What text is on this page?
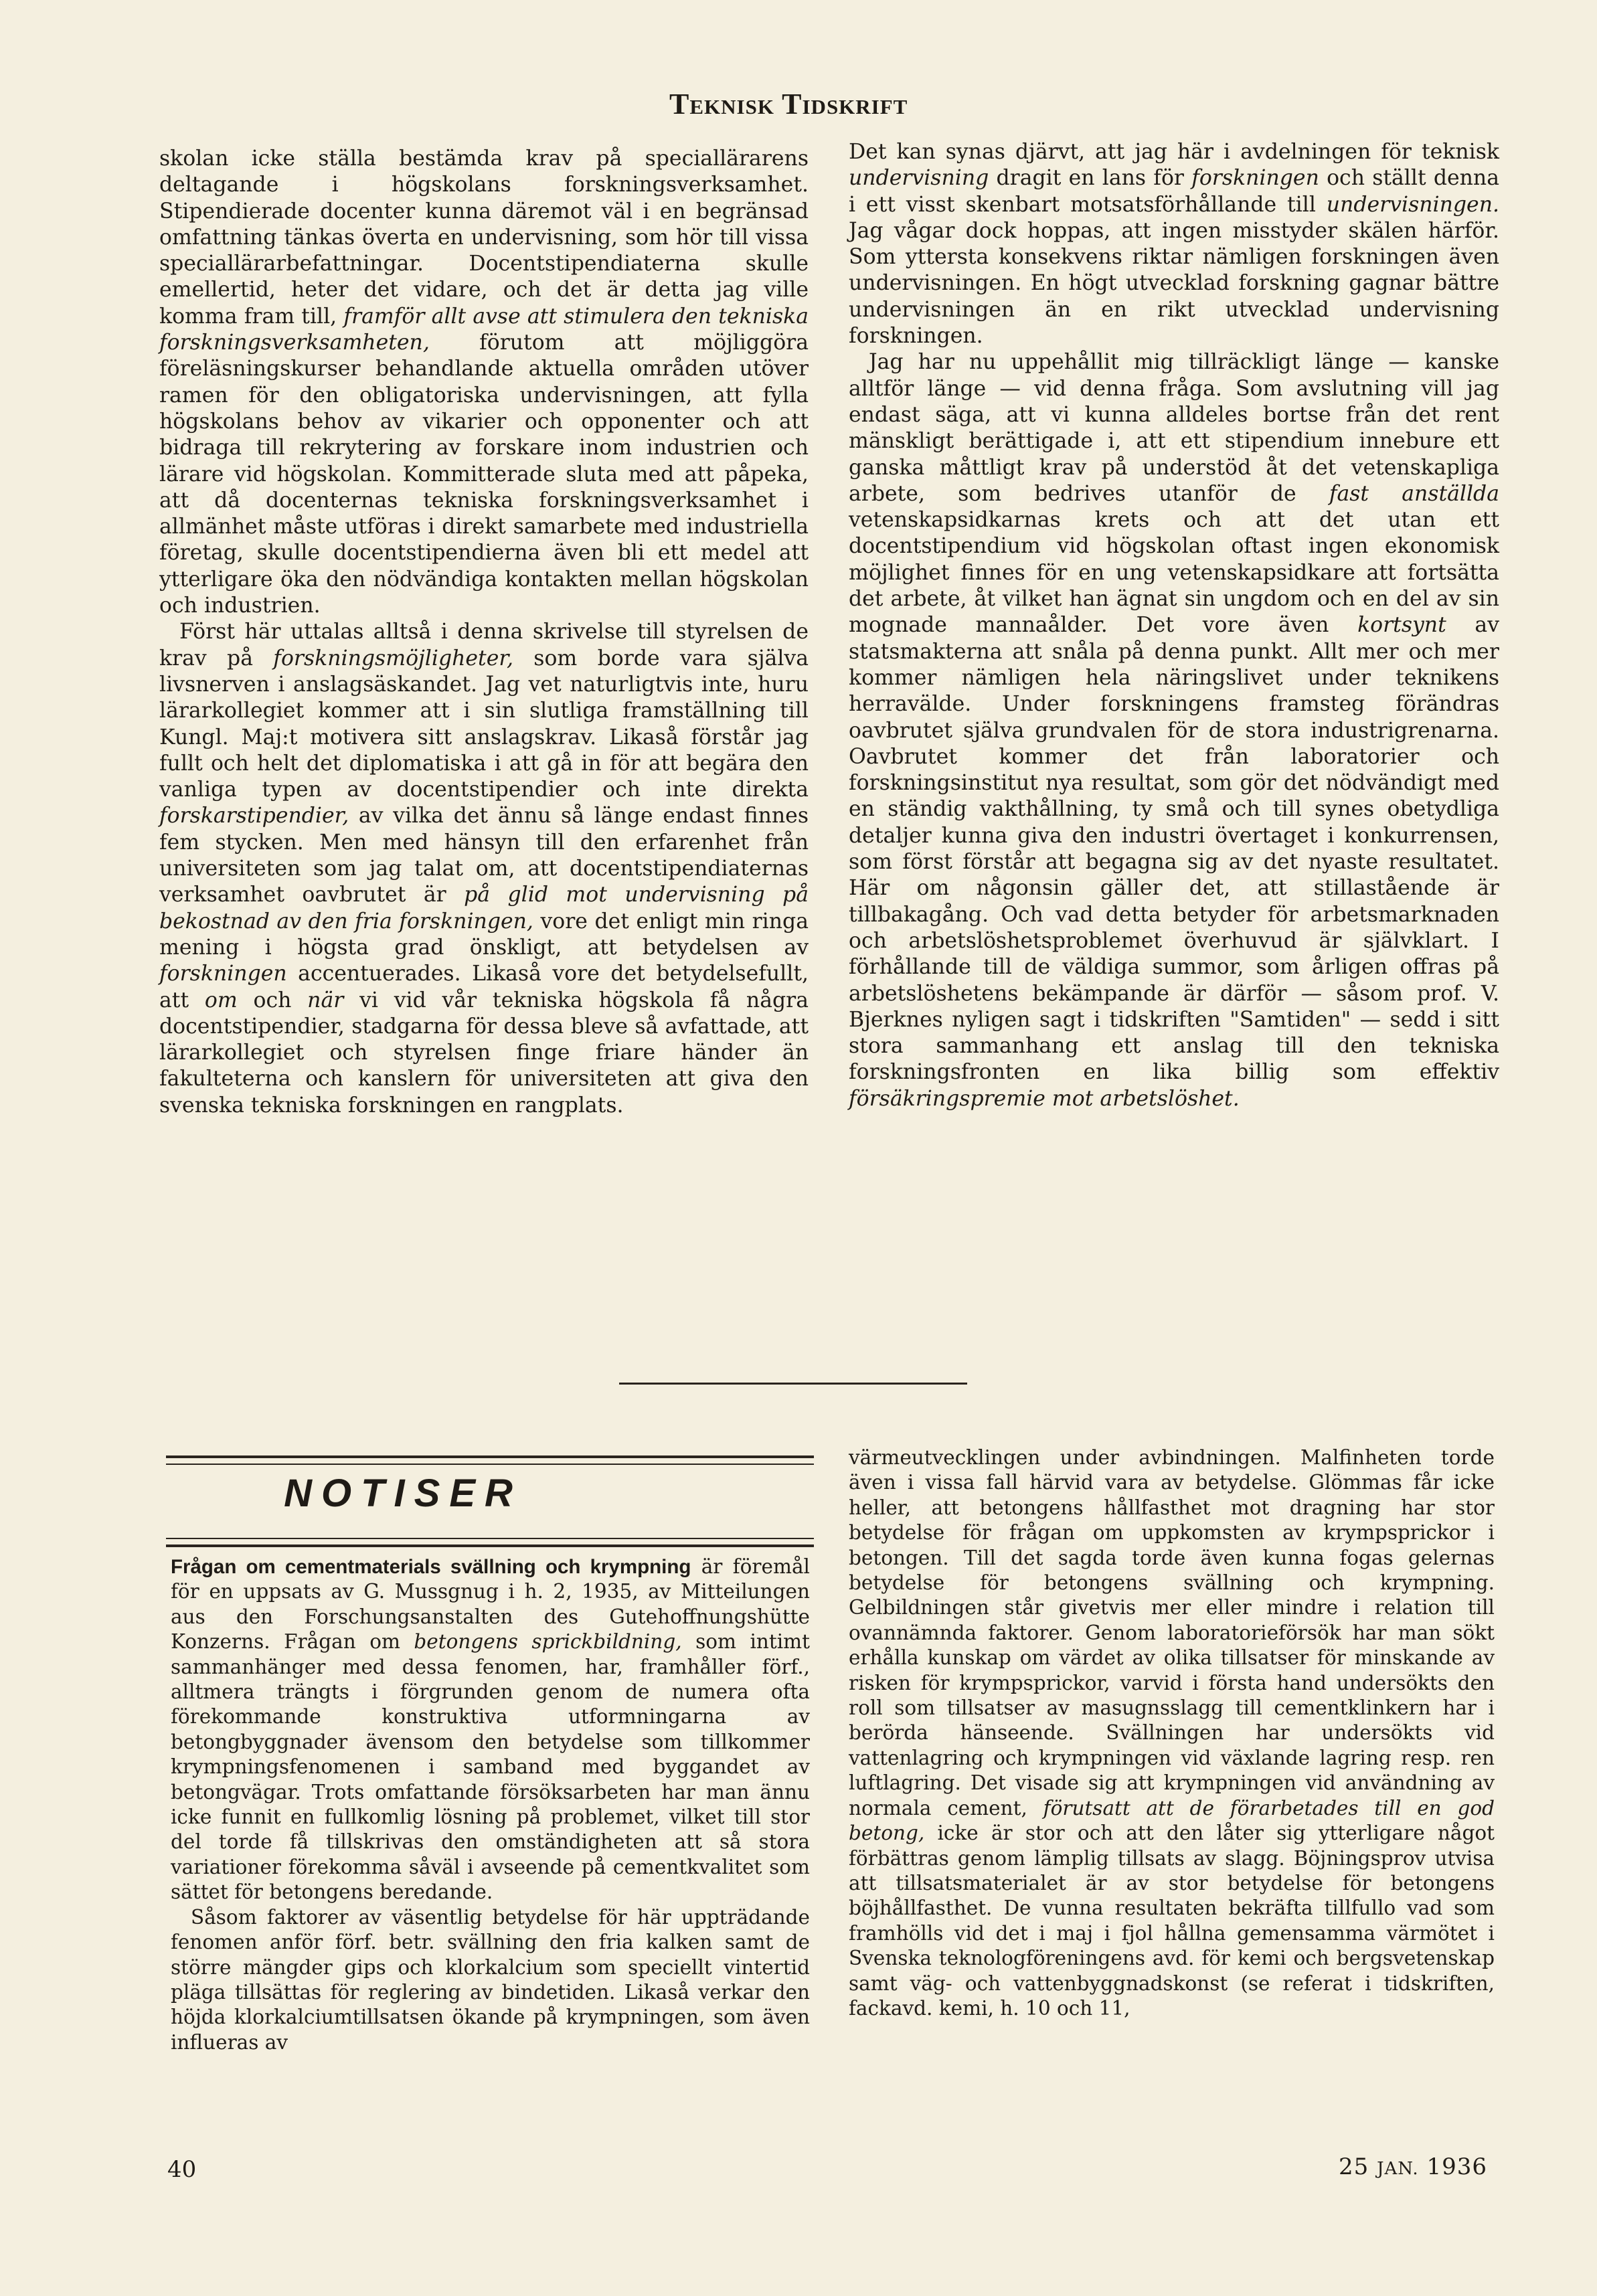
Teknisk Tidskrift

skolan icke ställa bestämda krav på speciallärarens deltagande i högskolans forskningsverksamhet. Stipendierade docenter kunna däremot väl i en begränsad omfattning tänkas överta en undervisning, som hör till vissa speciallärarbefattningar. Docentstipendiaterna skulle emellertid, heter det vidare, och det är detta jag ville komma fram till, framför allt avse att stimulera den tekniska forskningsverksamheten, förutom att möjliggöra föreläsningskurser behandlande aktuella områden utöver ramen för den obligatoriska undervisningen, att fylla högskolans behov av vikarier och opponenter och att bidraga till rekrytering av forskare inom industrien och lärare vid högskolan. Kommitterade sluta med att påpeka, att då docenternas tekniska forskningsverksamhet i allmänhet måste utföras i direkt samarbete med industriella företag, skulle docentstipendierna även bli ett medel att ytterligare öka den nödvändiga kontakten mellan högskolan och industrien.

Först här uttalas alltså i denna skrivelse till styrelsen de krav på forskningsmöjligheter, som borde vara själva livsnerven i anslagsäskandet. Jag vet naturligtvis inte, huru lärarkollegiet kommer att i sin slutliga framställning till Kungl. Maj:t motivera sitt anslagskrav. Likaså förstår jag fullt och helt det diplomatiska i att gå in för att begära den vanliga typen av docentstipendier och inte direkta forskarstipendier, av vilka det ännu så länge endast finnes fem stycken. Men med hänsyn till den erfarenhet från universiteten som jag talat om, att docentstipendiaternas verksamhet oavbrutet är på glid mot undervisning på bekostnad av den fria forskningen, vore det enligt min ringa mening i högsta grad önskligt, att betydelsen av forskningen accentuerades. Likaså vore det betydelsefullt, att om och när vi vid vår tekniska högskola få några docentstipendier, stadgarna för dessa bleve så avfattade, att lärarkollegiet och styrelsen finge friare händer än fakulteterna och kanslern för universiteten att giva den svenska tekniska forskningen en rangplats.

Det kan synas djärvt, att jag här i avdelningen för teknisk undervisning dragit en lans för forskningen och ställt denna i ett visst skenbart motsatsförhållande till undervisningen. Jag vågar dock hoppas, att ingen misstyder skälen härför. Som yttersta konsekvens riktar nämligen forskningen även undervisningen. En högt utvecklad forskning gagnar bättre undervisningen än en rikt utvecklad undervisning forskningen.

Jag har nu uppehållit mig tillräckligt länge — kanske alltför länge — vid denna fråga. Som avslutning vill jag endast säga, att vi kunna alldeles bortse från det rent mänskligt berättigade i, att ett stipendium innebure ett ganska måttligt krav på understöd åt det vetenskapliga arbete, som bedrives utanför de fast anställda vetenskapsidkarnas krets och att det utan ett docentstipendium vid högskolan oftast ingen ekonomisk möjlighet finnes för en ung vetenskapsidkare att fortsätta det arbete, åt vilket han ägnat sin ungdom och en del av sin mognade mannaålder. Det vore även kortsynt av statsmakterna att snåla på denna punkt. Allt mer och mer kommer nämligen hela näringslivet under teknikens herravälde. Under forskningens framsteg förändras oavbrutet själva grundvalen för de stora industrigrenarna. Oavbrutet kommer det från laboratorier och forskningsinstitut nya resultat, som gör det nödvändigt med en ständig vakthållning, ty små och till synes obetydliga detaljer kunna giva den industri övertaget i konkurrensen, som först förstår att begagna sig av det nyaste resultatet. Här om någonsin gäller det, att stillastående är tillbakagång. Och vad detta betyder för arbetsmarknaden och arbetslöshetsproblemet överhuvud är självklart. I förhållande till de väldiga summor, som årligen offras på arbetslöshetens bekämpande är därför — såsom prof. V. Bjerknes nyligen sagt i tidskriften "Samtiden" — sedd i sitt stora sammanhang ett anslag till den tekniska forskningsfronten en lika billig som effektiv försäkringspremie mot arbetslöshet.

NOTISER

Frågan om cementmaterials svällning och krympning är föremål för en uppsats av G. Mussgnug i h. 2, 1935, av Mitteilungen aus den Forschungsanstalten des Gutehoffnungshütte Konzerns. Frågan om betongens sprickbildning, som intimt sammanhänger med dessa fenomen, har, framhåller förf., alltmera trängts i förgrunden genom de numera ofta förekommande konstruktiva utformningarna av betongbyggnader ävensom den betydelse som tillkommer krympningsfenomenen i samband med byggandet av betongvägar. Trots omfattande försöksarbeten har man ännu icke funnit en fullkomlig lösning på problemet, vilket till stor del torde få tillskrivas den omständigheten att så stora variationer förekomma såväl i avseende på cementkvalitet som sättet för betongens beredande.

Såsom faktorer av väsentlig betydelse för här uppträdande fenomen anför förf. betr. svällning den fria kalken samt de större mängder gips och klorkalcium som speciellt vintertid pläga tillsättas för reglering av bindetiden. Likaså verkar den höjda klorkalciumtillsatsen ökande på krympningen, som även influeras av

värmeutvecklingen under avbindningen. Malfinheten torde även i vissa fall härvid vara av betydelse. Glömmas får icke heller, att betongens hållfasthet mot dragning har stor betydelse för frågan om uppkomsten av krympsprickor i betongen. Till det sagda torde även kunna fogas gelernas betydelse för betongens svällning och krympning. Gelbildningen står givetvis mer eller mindre i relation till ovannämnda faktorer. Genom laboratorieförsök har man sökt erhålla kunskap om värdet av olika tillsatser för minskande av risken för krympsprickor, varvid i första hand undersökts den roll som tillsatser av masugnsslagg till cementklinkern har i berörda hänseende. Svällningen har undersökts vid vattenlagring och krympningen vid växlande lagring resp. ren luftlagring. Det visade sig att krympningen vid användning av normala cement, förutsatt att de förarbetades till en god betong, icke är stor och att den låter sig ytterligare något förbättras genom lämplig tillsats av slagg. Böjningsprov utvisa att tillsatsmaterialet är av stor betydelse för betongens böjhållfasthet. De vunna resultaten bekräfta tillfullo vad som framhölls vid det i maj i fjol hållna gemensamma värmötet i Svenska teknologföreningens avd. för kemi och bergsvetenskap samt väg- och vattenbyggnadskonst (se referat i tidskriften, fackavd. kemi, h. 10 och 11,

40	25 JAN. 1936
